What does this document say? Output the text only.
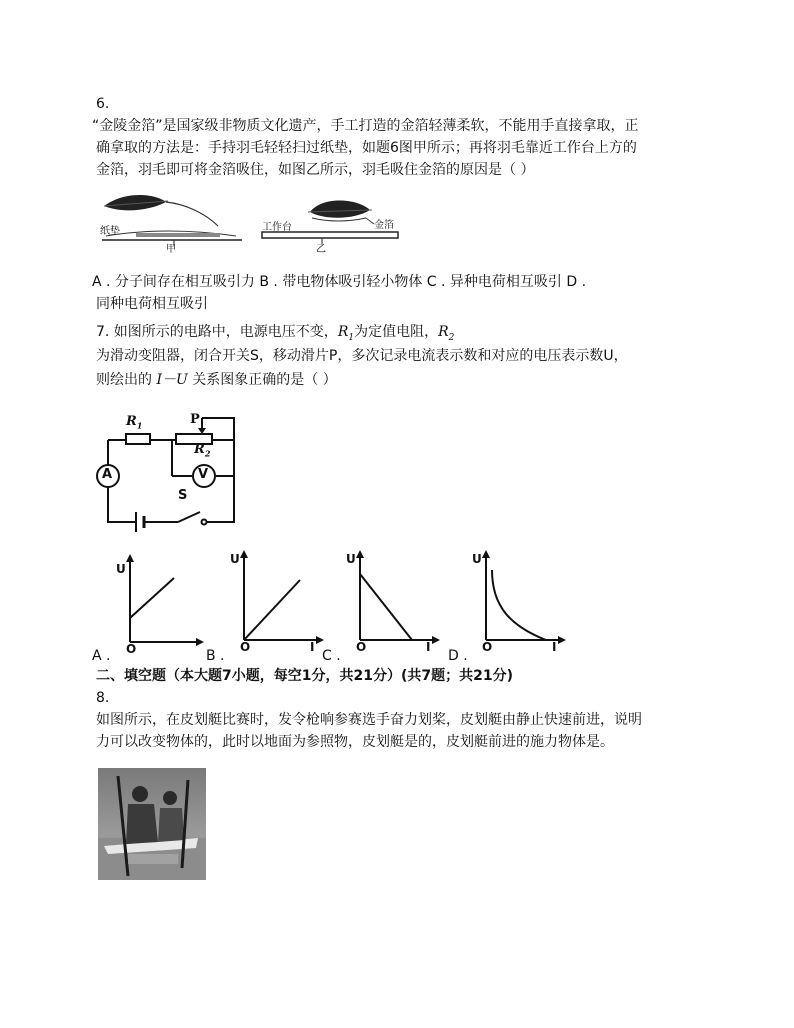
6.
“金陵金箔”是国家级非物质文化遗产，手工打造的金箔轻薄柔软，不能用手直接拿取，正
确拿取的方法是：手持羽毛轻轻扫过纸垫，如题6图甲所示；再将羽毛靠近工作台上方的
金箔，羽毛即可将金箔吸住，如图乙所示，羽毛吸住金箔的原因是（ ）
纸垫
甲
工作台	金箔
乙
A . 分子间存在相互吸引力 B . 带电物体吸引轻小物体 C . 异种电荷相互吸引 D .
同种电荷相互吸引
7. 如图所示的电路中，电源电压不变，$R_1$为定值电阻，$R_2$
为滑动变阻器，闭合开关S，移动滑片P，多次记录电流表示数和对应的电压表示数U，
则绘出的 I－U 关系图象正确的是（ ）
$R_1$	P
$R_2$
A	V
S
U
O
A .
U
O	I
B .
U
O	I
C .
U
O	I
D .
二、填空题（本大题7小题，每空1分，共21分）(共7题；共21分)
8.
如图所示，在皮划艇比赛时，发令枪响参赛选手奋力划桨，皮划艇由静止快速前进，说明
力可以改变物体的，此时以地面为参照物，皮划艇是的，皮划艇前进的施力物体是。
